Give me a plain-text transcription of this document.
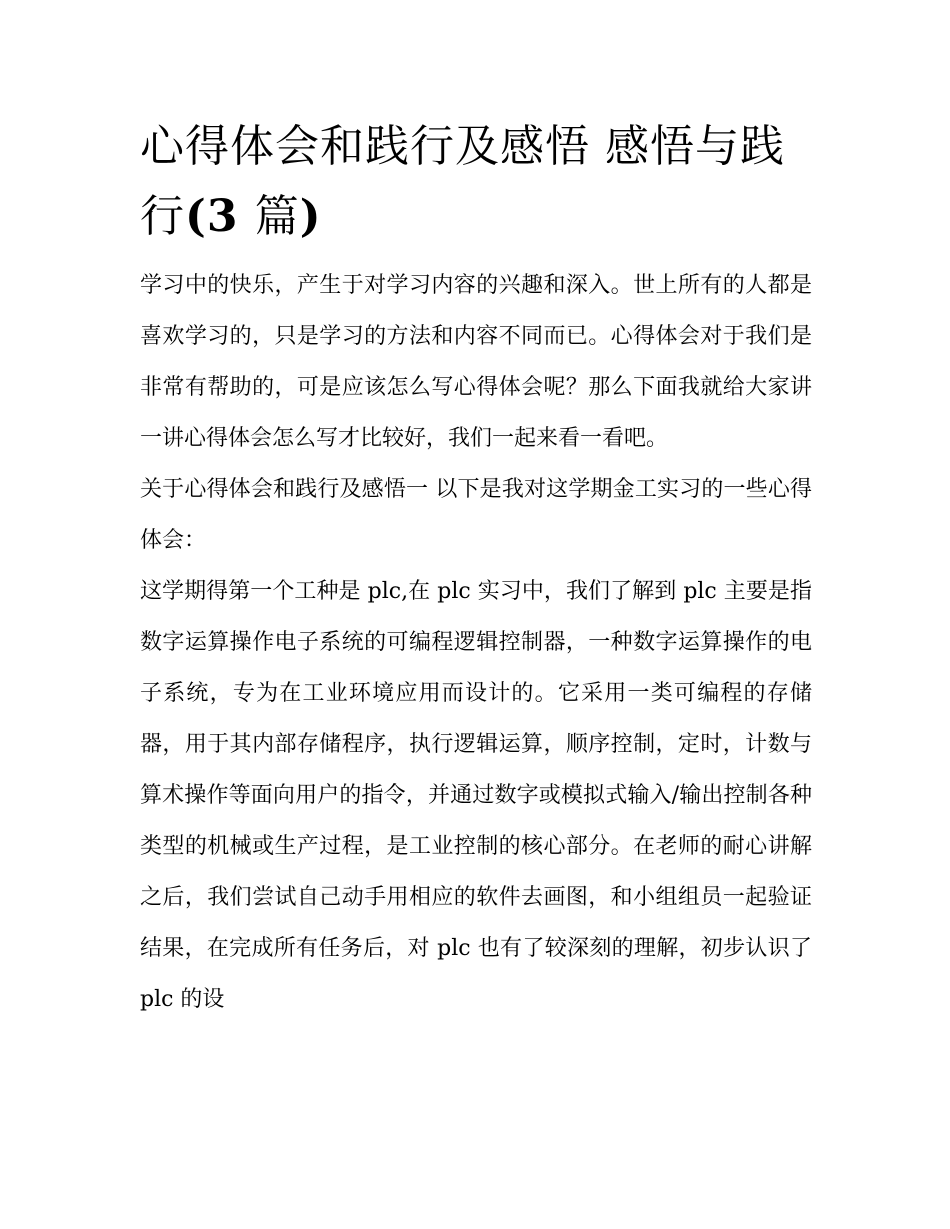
心得体会和践行及感悟 感悟与践行(3 篇)

学习中的快乐，产生于对学习内容的兴趣和深入。世上所有的人都是喜欢学习的，只是学习的方法和内容不同而已。心得体会对于我们是非常有帮助的，可是应该怎么写心得体会呢？那么下面我就给大家讲一讲心得体会怎么写才比较好，我们一起来看一看吧。

关于心得体会和践行及感悟一 以下是我对这学期金工实习的一些心得体会：

这学期得第一个工种是 plc,在 plc 实习中，我们了解到 plc 主要是指数字运算操作电子系统的可编程逻辑控制器，一种数字运算操作的电子系统，专为在工业环境应用而设计的。它采用一类可编程的存储器，用于其内部存储程序，执行逻辑运算，顺序控制，定时，计数与算术操作等面向用户的指令，并通过数字或模拟式输入/输出控制各种类型的机械或生产过程，是工业控制的核心部分。在老师的耐心讲解之后，我们尝试自己动手用相应的软件去画图，和小组组员一起验证结果，在完成所有任务后，对 plc 也有了较深刻的理解，初步认识了 plc 的设
